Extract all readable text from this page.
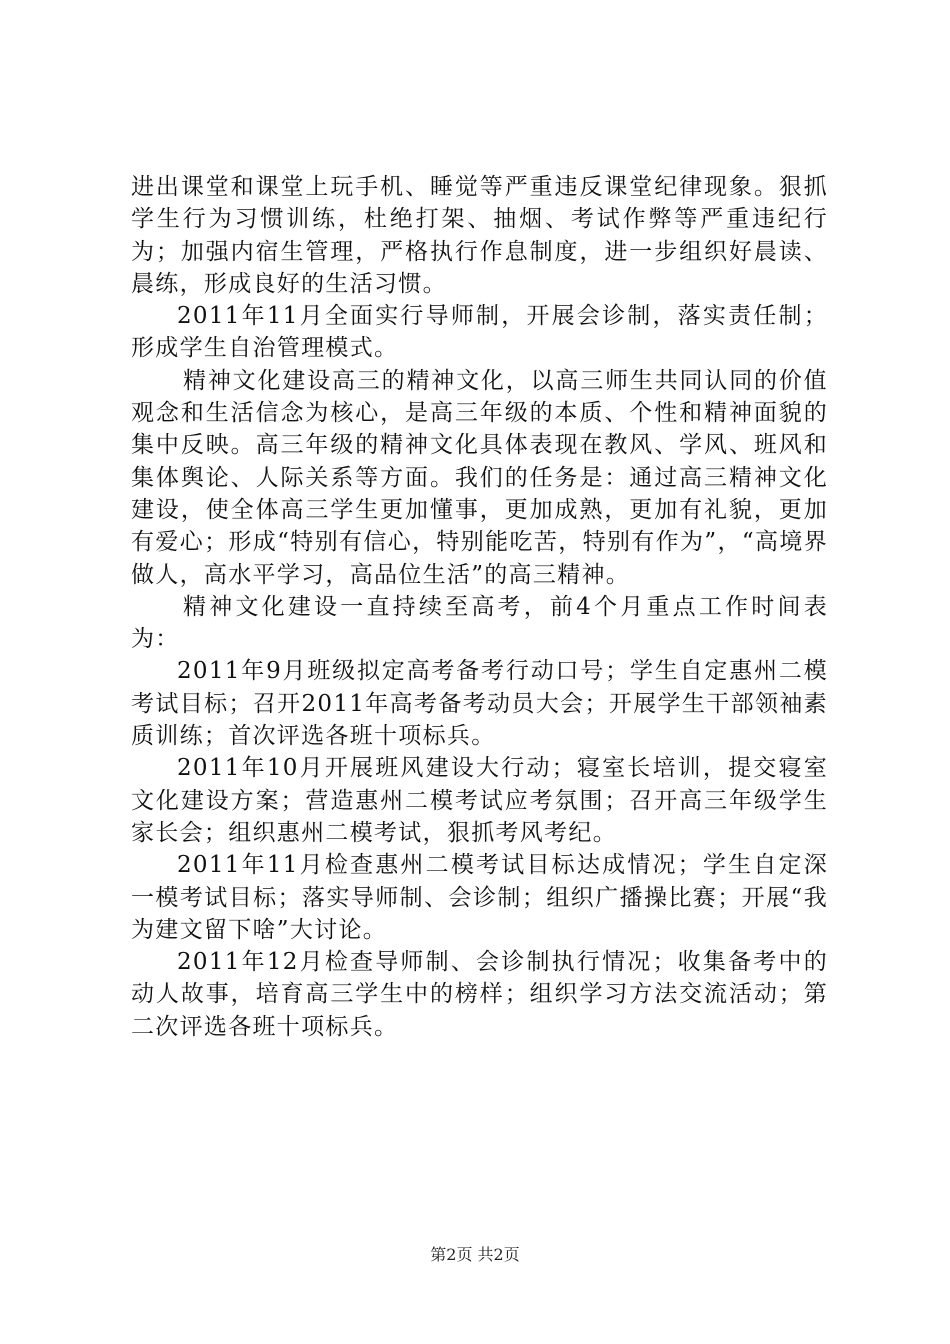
进出课堂和课堂上玩手机、睡觉等严重违反课堂纪律现象。狠抓学生行为习惯训练，杜绝打架、抽烟、考试作弊等严重违纪行为；加强内宿生管理，严格执行作息制度，进一步组织好晨读、晨练，形成良好的生活习惯。

2011年11月全面实行导师制，开展会诊制，落实责任制；形成学生自治管理模式。

精神文化建设高三的精神文化，以高三师生共同认同的价值观念和生活信念为核心，是高三年级的本质、个性和精神面貌的集中反映。高三年级的精神文化具体表现在教风、学风、班风和集体舆论、人际关系等方面。我们的任务是：通过高三精神文化建设，使全体高三学生更加懂事，更加成熟，更加有礼貌，更加有爱心；形成“特别有信心，特别能吃苦，特别有作为”，“高境界做人，高水平学习，高品位生活”的高三精神。

精神文化建设一直持续至高考，前4个月重点工作时间表为：

2011年9月班级拟定高考备考行动口号；学生自定惠州二模考试目标；召开2011年高考备考动员大会；开展学生干部领袖素质训练；首次评选各班十项标兵。

2011年10月开展班风建设大行动；寝室长培训，提交寝室文化建设方案；营造惠州二模考试应考氛围；召开高三年级学生家长会；组织惠州二模考试，狠抓考风考纪。

2011年11月检查惠州二模考试目标达成情况；学生自定深一模考试目标；落实导师制、会诊制；组织广播操比赛；开展“我为建文留下啥”大讨论。

2011年12月检查导师制、会诊制执行情况；收集备考中的动人故事，培育高三学生中的榜样；组织学习方法交流活动；第二次评选各班十项标兵。

第2页 共2页
